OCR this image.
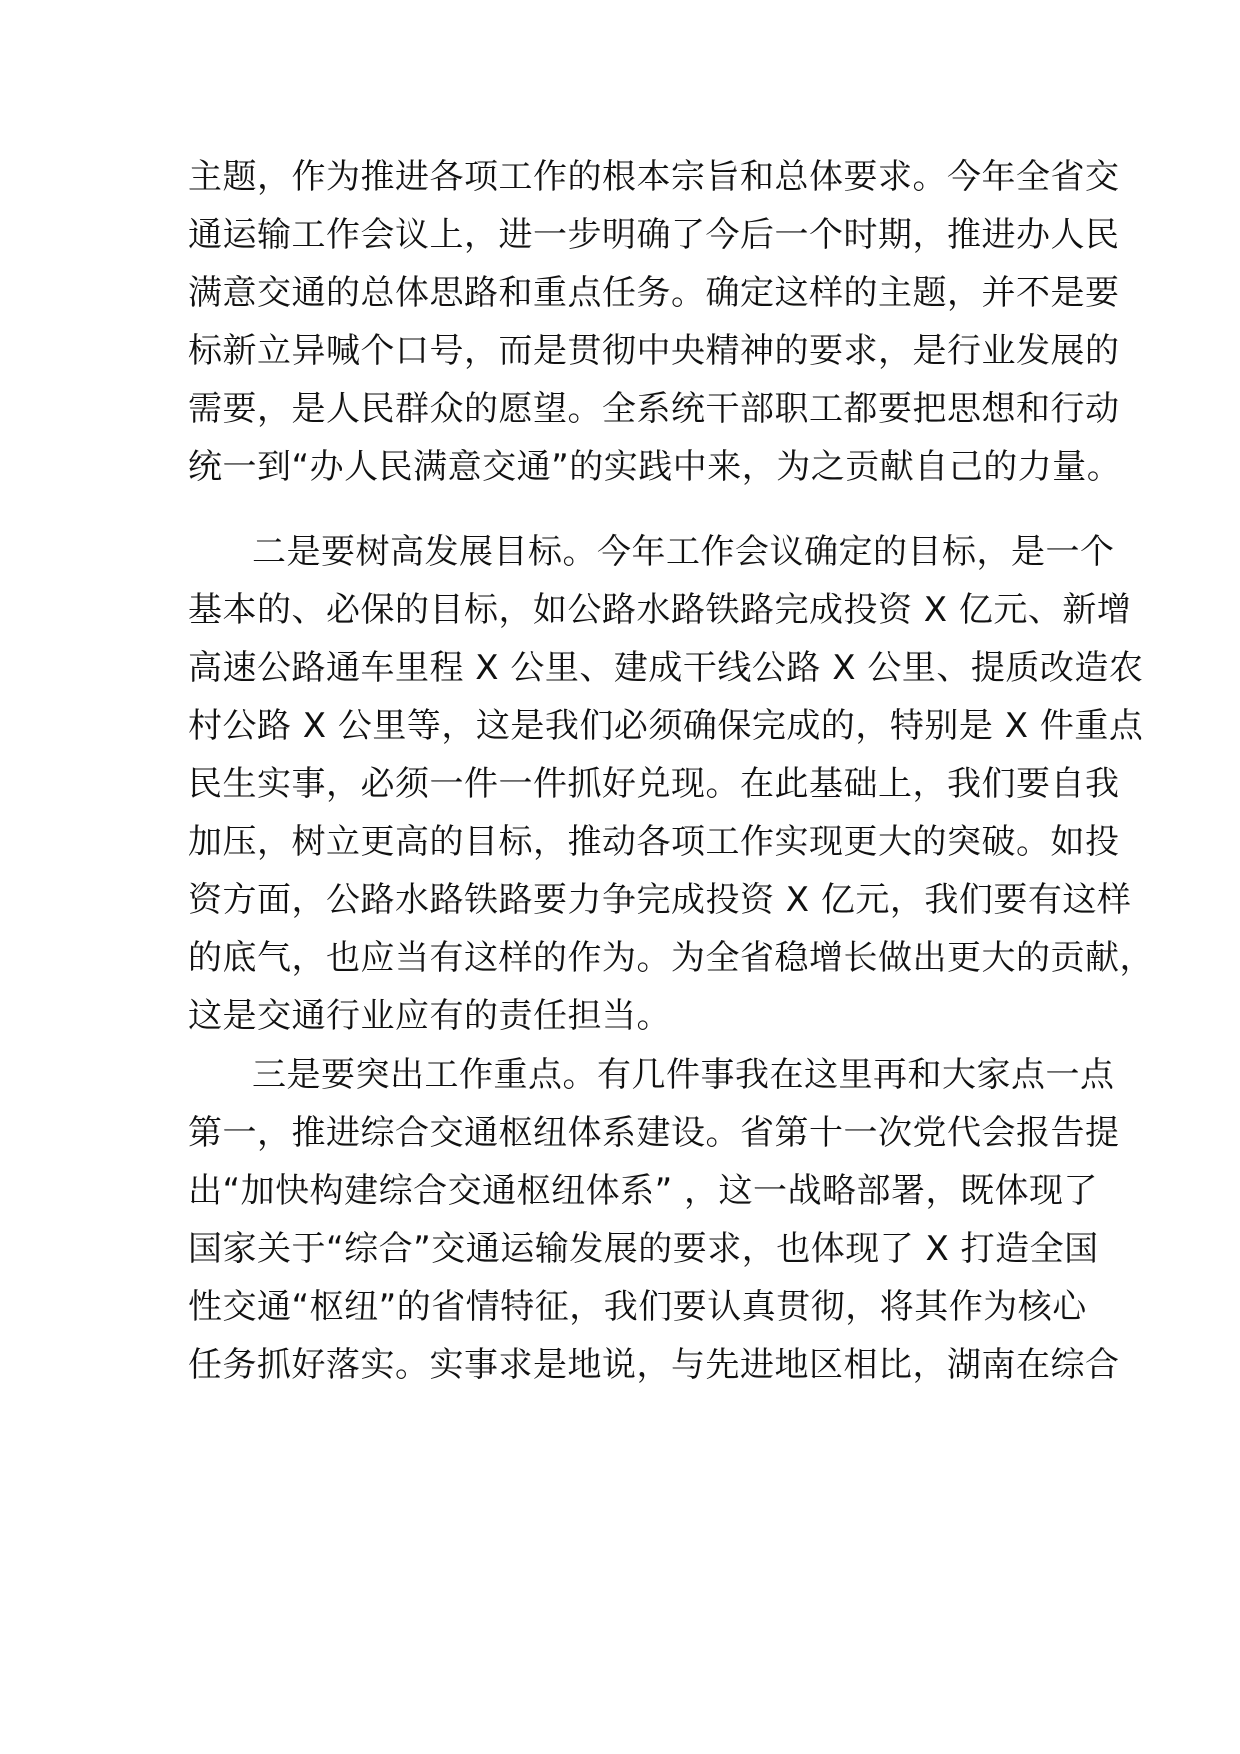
主题，作为推进各项工作的根本宗旨和总体要求。今年全省交
通运输工作会议上，进一步明确了今后一个时期，推进办人民
满意交通的总体思路和重点任务。确定这样的主题，并不是要
标新立异喊个口号，而是贯彻中央精神的要求，是行业发展的
需要，是人民群众的愿望。全系统干部职工都要把思想和行动
统一到“办人民满意交通”的实践中来，为之贡献自己的力量。
二是要树高发展目标。今年工作会议确定的目标，是一个
基本的、必保的目标，如公路水路铁路完成投资 X 亿元、新增
高速公路通车里程 X 公里、建成干线公路 X 公里、提质改造农
村公路 X 公里等，这是我们必须确保完成的，特别是 X 件重点
民生实事，必须一件一件抓好兑现。在此基础上，我们要自我
加压，树立更高的目标，推动各项工作实现更大的突破。如投
资方面，公路水路铁路要力争完成投资 X 亿元，我们要有这样
的底气，也应当有这样的作为。为全省稳增长做出更大的贡献，
这是交通行业应有的责任担当。
三是要突出工作重点。有几件事我在这里再和大家点一点
第一，推进综合交通枢纽体系建设。省第十一次党代会报告提
出“加快构建综合交通枢纽体系” ，这一战略部署，既体现了
国家关于“综合”交通运输发展的要求，也体现了 X 打造全国
性交通“枢纽”的省情特征，我们要认真贯彻，将其作为核心
任务抓好落实。实事求是地说，与先进地区相比，湖南在综合
